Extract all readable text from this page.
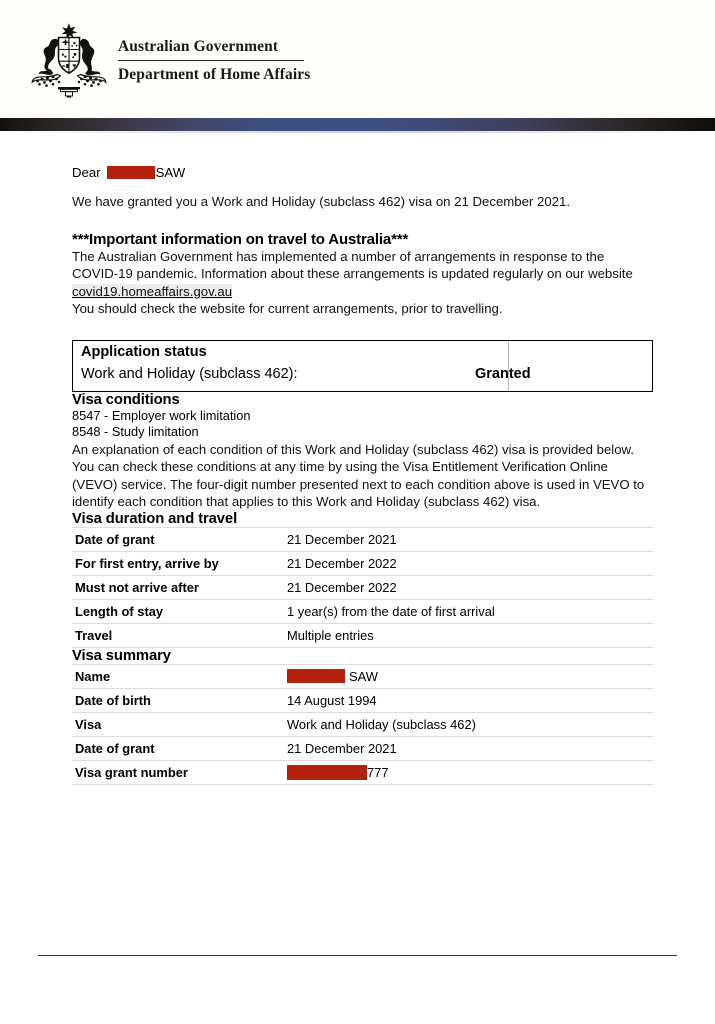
Australian Government
Department of Home Affairs
Dear	SAW

We have granted you a Work and Holiday (subclass 462) visa on 21 December 2021.

***Important information on travel to Australia***

The Australian Government has implemented a number of arrangements in response to the COVID-19 pandemic. Information about these arrangements is updated regularly on our website covid19.homeaffairs.gov.au

You should check the website for current arrangements, prior to travelling.

Application status
Work and Holiday (subclass 462):	Granted
Visa conditions
8547 - Employer work limitation
8548 - Study limitation

An explanation of each condition of this Work and Holiday (subclass 462) visa is provided below.

You can check these conditions at any time by using the Visa Entitlement Verification Online (VEVO) service. The four-digit number presented next to each condition above is used in VEVO to identify each condition that applies to this Work and Holiday (subclass 462) visa.

Visa duration and travel
Date of grant	21 December 2021
For first entry, arrive by	21 December 2022
Must not arrive after	21 December 2022
Length of stay	1 year(s) from the date of first arrival
Travel	Multiple entries
Visa summary
Name	SAW

Date of birth	14 August 1994
Visa	Work and Holiday (subclass 462)
Date of grant	21 December 2021
Visa grant number	777
